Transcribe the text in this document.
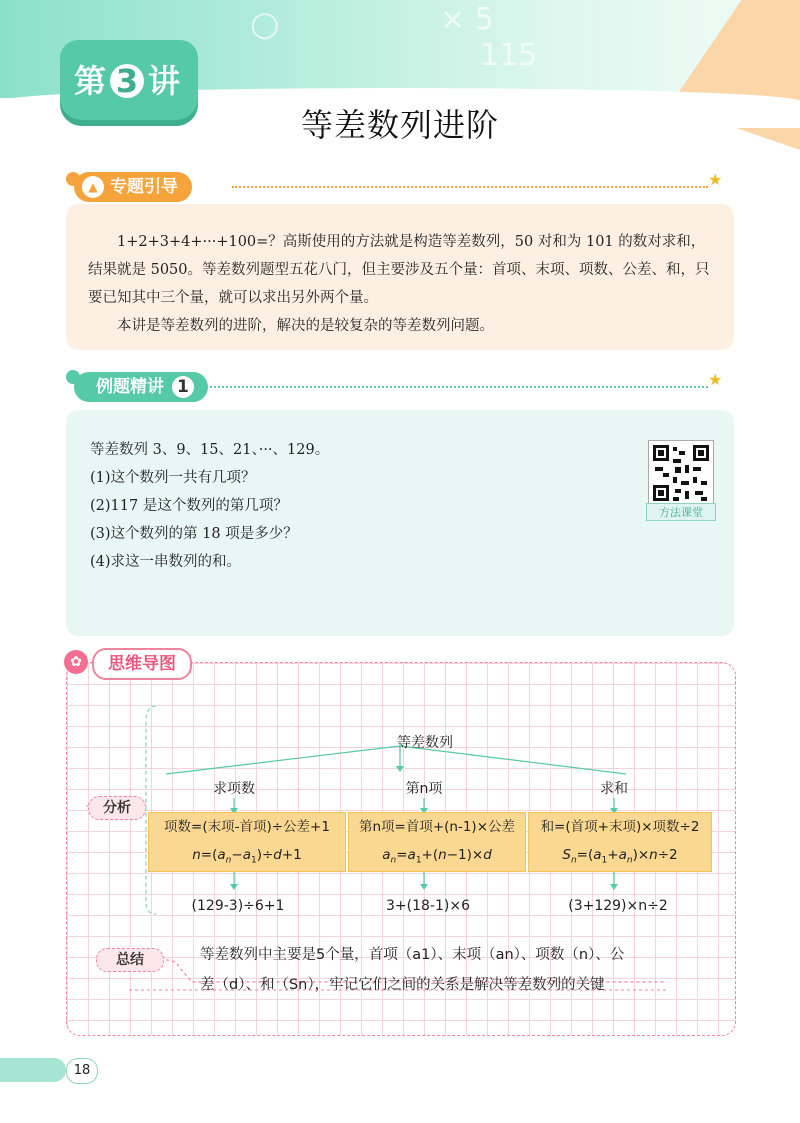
○	× 5
115
第 3 讲
等差数列进阶
▲ 专题引导	★

1+2+3+4+···+100=？高斯使用的方法就是构造等差数列，50 对和为 101 的数对求和，结果就是 5050。等差数列题型五花八门，但主要涉及五个量：首项、末项、项数、公差、和，只要已知其中三个量，就可以求出另外两个量。

本讲是等差数列的进阶，解决的是较复杂的等差数列问题。

例题精讲 1	★
等差数列 3、9、15、21、···、129。
(1)这个数列一共有几项？
(2)117 是这个数列的第几项？
(3)这个数列的第 18 项是多少？
(4)求这一串数列的和。
方法课堂
✿	思维导图
等差数列
求项数	第n项	求和
分析
项数=(末项-首项)÷公差+1
$n=(a_n-a_1)\div d+1$
第n项=首项+(n-1)×公差
$a_n=a_1+(n-1)\times d$
和=(首项+末项)×项数÷2
$S_n=(a_1+a_n)\times n\div 2$
(129-3)÷6+1	3+(18-1)×6	(3+129)×n÷2
总结	等差数列中主要是5个量，首项（a1）、末项（an）、项数（n）、公
差（d）、和（Sn），牢记它们之间的关系是解决等差数列的关键
18
